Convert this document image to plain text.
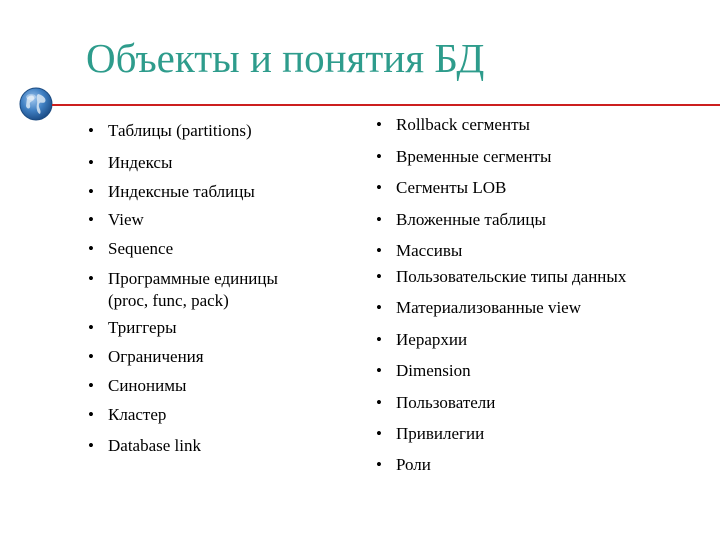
Объекты и понятия БД
• Таблицы (partitions)
• Индексы
• Индексные таблицы
• View
• Sequence
• Программные единицы
(proc, func, pack)
• Триггеры
• Ограничения
• Синонимы
• Кластер
• Database link
• Rollback сегменты
• Временные сегменты
• Сегменты LOB
• Вложенные таблицы
• Массивы
• Пользовательские типы данных
• Материализованные view
• Иерархии
• Dimension
• Пользователи
• Привилегии
• Роли
